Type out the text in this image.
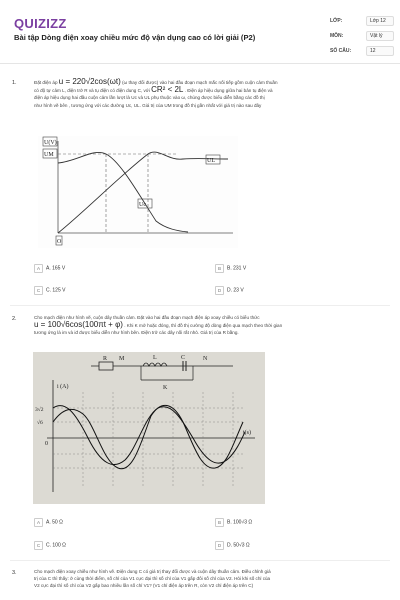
QUIZIZZ
Bài tập Dòng điện xoay chiều mức độ vận dụng cao có lời giải (P2)
LỚP:	Lớp 12
MÔN:	Vật lý
SỐ CÂU:	12
1.	Đặt điện áp u = 220√2cos(ωt) (ω thay đổi được) vào hai đầu đoạn mạch mắc nối tiếp gồm cuộn cảm thuần
có độ tự cảm L, điện trở R và tụ điện có điện dung C, với CR² < 2L . Điện áp hiệu dụng giữa hai bản tụ điện và
điện áp hiệu dụng hai đầu cuộn cảm lần lượt là Uc và UL phụ thuộc vào ω, chúng được biểu diễn bằng các đồ thị
như hình vẽ bên , tương ứng với các đường Uc, UL. Giá trị của UM trong đồ thị gần nhất với giá trị nào sau đây
U(V)
UM
UL
Uc
O
A A. 165 V	B B. 231 V
C C. 125 V	D D. 23 V
2.	Cho mạch điện như hình vẽ, cuộn dây thuần cảm. Đặt vào hai đầu đoạn mạch điện áp xoay chiều có biểu thức
u = 100√6cos(100πt + φ) . Khi K mở hoặc đóng, thì đồ thị cường độ dòng điện qua mạch theo thời gian
tương ứng là im và iđ được biểu diễn như hình bên. Điện trở các dây nối rất nhỏ. Giá trị của R bằng.
R M	L	C	N
K
i (A)
t(s)
3√2
√6
0
A A. 50 Ω	B B. 100√3 Ω
C C. 100 Ω	D D. 50√3 Ω
3.	Cho mạch điện xoay chiều như hình vẽ. Điện dung C có giá trị thay đổi được và cuộn dây thuần cảm. Điều chỉnh giá
trị của C thì thấy: ở cùng thời điểm, số chỉ của V1 cực đại thì số chỉ của V1 gấp đôi số chỉ của V2. Hỏi khi số chỉ của
V2 cực đại thì số chỉ của V2 gấp bao nhiêu lần số chỉ V1? (V1 chỉ điện áp trên R, còn V2 chỉ điện áp trên C)
